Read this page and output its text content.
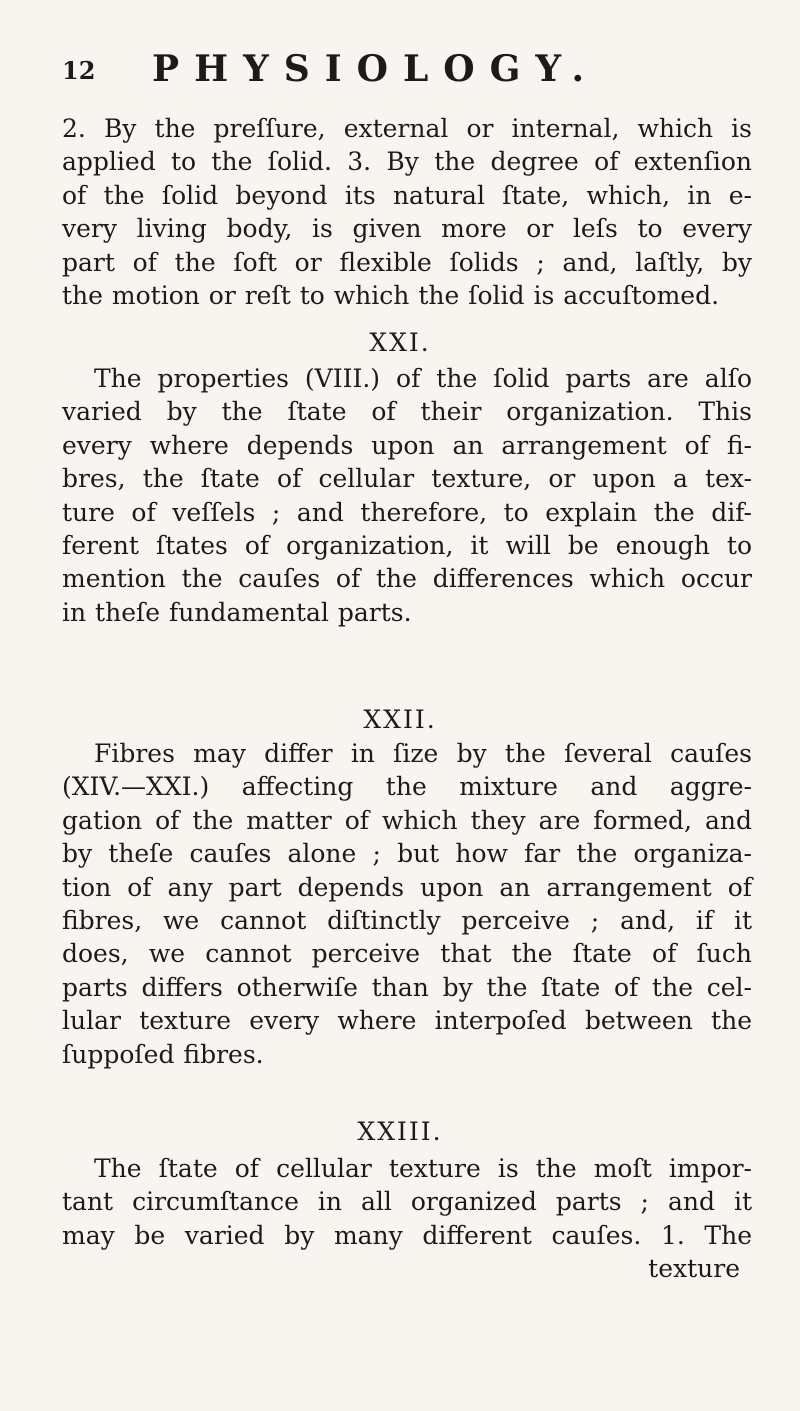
12 PHYSIOLOGY.
2. By the preſſure, external or internal, which is
applied to the ſolid. 3. By the degree of extenſion
of the ſolid beyond its natural ſtate, which, in e-
very living body, is given more or leſs to every
part of the ſoft or flexible ſolids ; and, laſtly, by
the motion or reſt to which the ſolid is accuſtomed.
XXI.
The properties (VIII.) of the ſolid parts are alſo
varied by the ſtate of their organization. This
every where depends upon an arrangement of fi-
bres, the ſtate of cellular texture, or upon a tex-
ture of veſſels ; and therefore, to explain the dif-
ferent ſtates of organization, it will be enough to
mention the cauſes of the differences which occur
in theſe fundamental parts.
XXII.
Fibres may differ in ſize by the ſeveral cauſes
(XIV.—XXI.) affecting the mixture and aggre-
gation of the matter of which they are formed, and
by theſe cauſes alone ; but how far the organiza-
tion of any part depends upon an arrangement of
fibres, we cannot diſtinctly perceive ; and, if it
does, we cannot perceive that the ſtate of ſuch
parts differs otherwiſe than by the ſtate of the cel-
lular texture every where interpoſed between the
ſuppoſed fibres.
XXIII.
The ſtate of cellular texture is the moſt impor-
tant circumſtance in all organized parts ; and it
may be varied by many different cauſes. 1. The
texture
